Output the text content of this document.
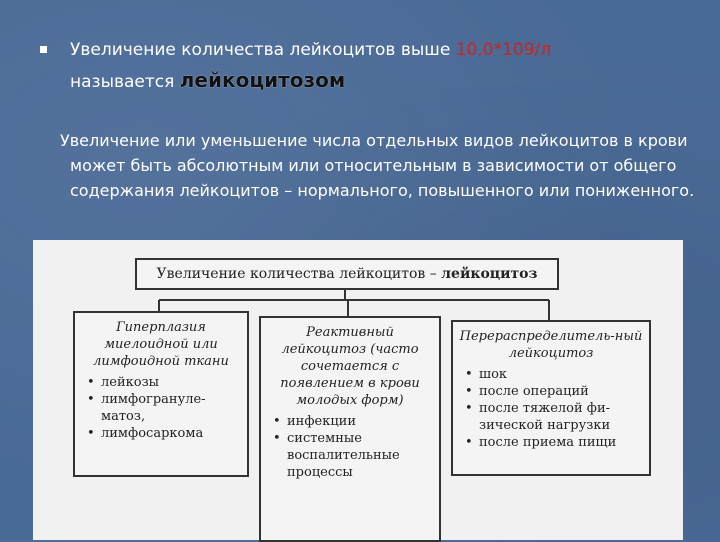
Увеличение количества лейкоцитов выше 10,0*109/л
называется лейкоцитозом
Увеличение или уменьшение числа отдельных видов лейкоцитов в крови
может быть абсолютным или относительным в зависимости от общего
содержания лейкоцитов – нормального, повышенного или пониженного.
Увеличение количества лейкоцитов – лейкоцитоз
Гиперплазия миелоидной или лимфоидной ткани
• лейкозы
• лимфогрануле-матоз,
• лимфосаркома
Реактивный лейкоцитоз (часто сочетается с появлением в крови молодых форм)
• инфекции
• системные воспалительные процессы
Перераспределитель-ный лейкоцитоз
• шок
• после операций
• после тяжелой фи-зической нагрузки
• после приема пищи
